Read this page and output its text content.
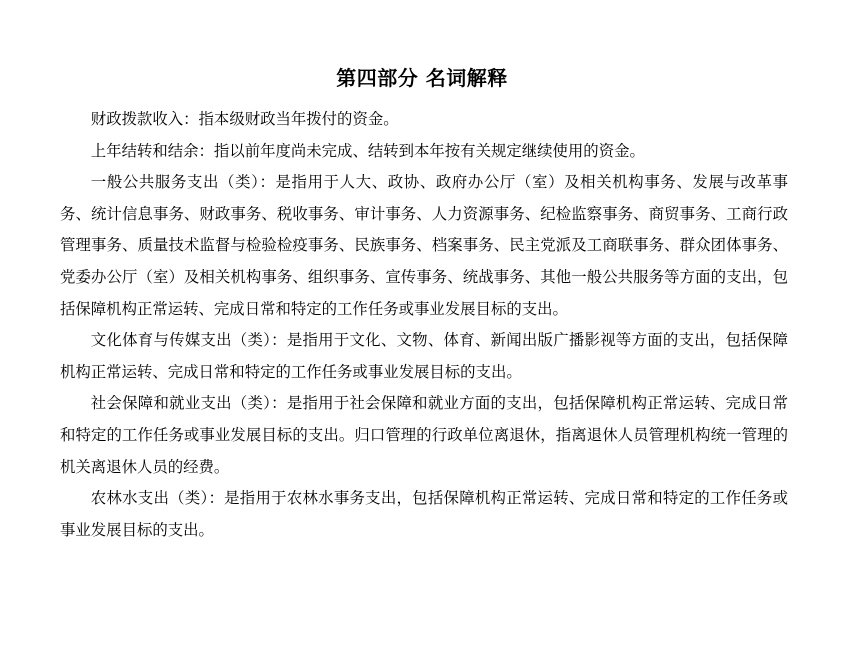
第四部分 名词解释

财政拨款收入：指本级财政当年拨付的资金。

上年结转和结余：指以前年度尚未完成、结转到本年按有关规定继续使用的资金。

一般公共服务支出（类）：是指用于人大、政协、政府办公厅（室）及相关机构事务、发展与改革事务、统计信息事务、财政事务、税收事务、审计事务、人力资源事务、纪检监察事务、商贸事务、工商行政管理事务、质量技术监督与检验检疫事务、民族事务、档案事务、民主党派及工商联事务、群众团体事务、党委办公厅（室）及相关机构事务、组织事务、宣传事务、统战事务、其他一般公共服务等方面的支出，包括保障机构正常运转、完成日常和特定的工作任务或事业发展目标的支出。

文化体育与传媒支出（类）：是指用于文化、文物、体育、新闻出版广播影视等方面的支出，包括保障机构正常运转、完成日常和特定的工作任务或事业发展目标的支出。

社会保障和就业支出（类）：是指用于社会保障和就业方面的支出，包括保障机构正常运转、完成日常和特定的工作任务或事业发展目标的支出。归口管理的行政单位离退休，指离退休人员管理机构统一管理的机关离退休人员的经费。

农林水支出（类）：是指用于农林水事务支出，包括保障机构正常运转、完成日常和特定的工作任务或事业发展目标的支出。
